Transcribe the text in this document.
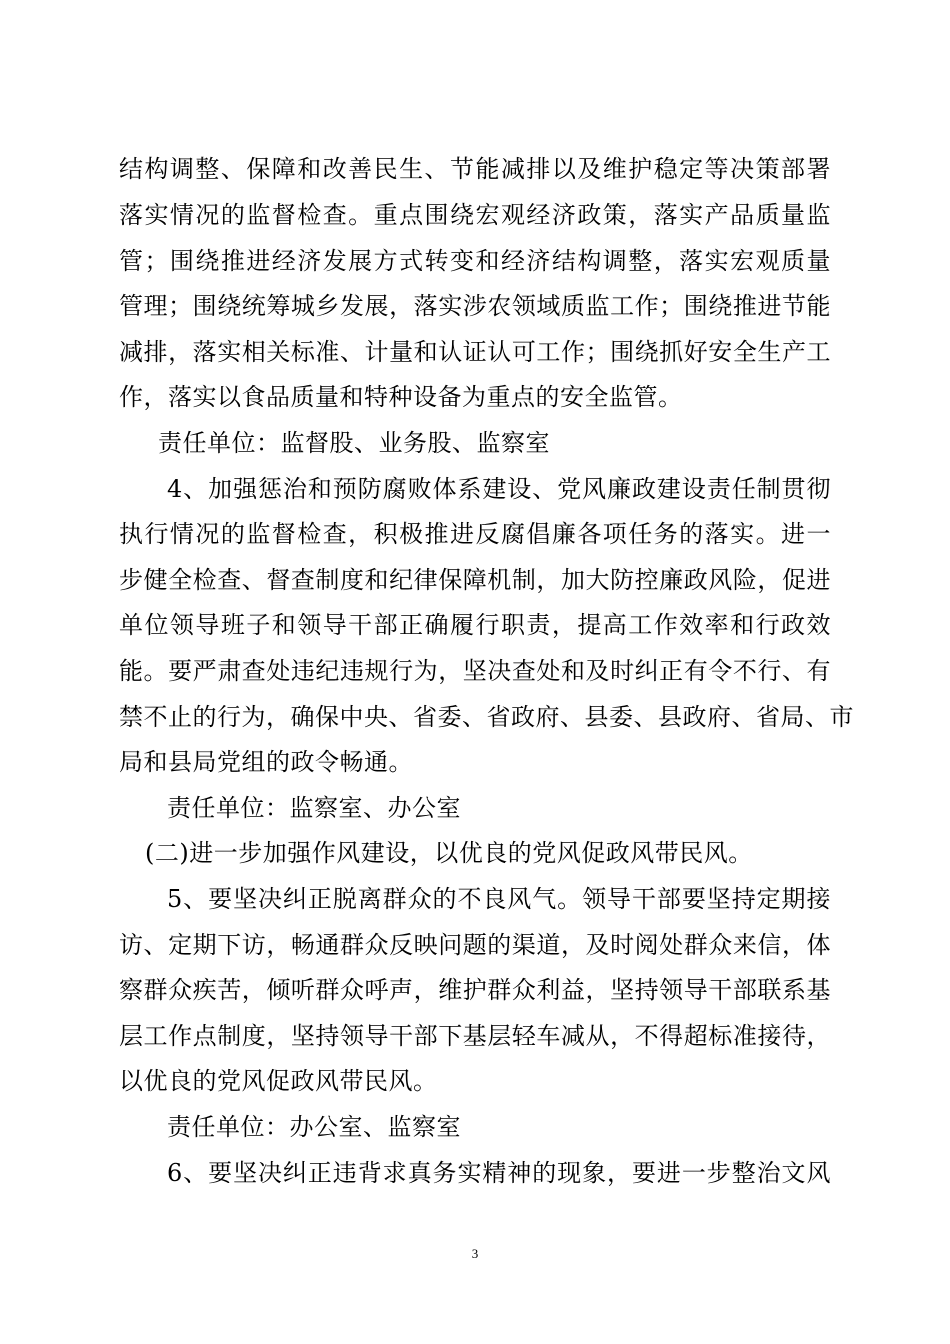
结构调整、保障和改善民生、节能减排以及维护稳定等决策部署
落实情况的监督检查。重点围绕宏观经济政策，落实产品质量监
管；围绕推进经济发展方式转变和经济结构调整，落实宏观质量
管理；围绕统筹城乡发展，落实涉农领域质监工作；围绕推进节能
减排，落实相关标准、计量和认证认可工作；围绕抓好安全生产工
作，落实以食品质量和特种设备为重点的安全监管。
责任单位：监督股、业务股、监察室
4、加强惩治和预防腐败体系建设、党风廉政建设责任制贯彻
执行情况的监督检查，积极推进反腐倡廉各项任务的落实。进一
步健全检查、督查制度和纪律保障机制，加大防控廉政风险，促进
单位领导班子和领导干部正确履行职责，提高工作效率和行政效
能。要严肃查处违纪违规行为，坚决查处和及时纠正有令不行、有
禁不止的行为，确保中央、省委、省政府、县委、县政府、省局、市
局和县局党组的政令畅通。
责任单位：监察室、办公室
(二)进一步加强作风建设，以优良的党风促政风带民风。
5、要坚决纠正脱离群众的不良风气。领导干部要坚持定期接
访、定期下访，畅通群众反映问题的渠道，及时阅处群众来信，体
察群众疾苦，倾听群众呼声，维护群众利益，坚持领导干部联系基
层工作点制度，坚持领导干部下基层轻车减从，不得超标准接待，
以优良的党风促政风带民风。
责任单位：办公室、监察室
6、要坚决纠正违背求真务实精神的现象，要进一步整治文风
3
